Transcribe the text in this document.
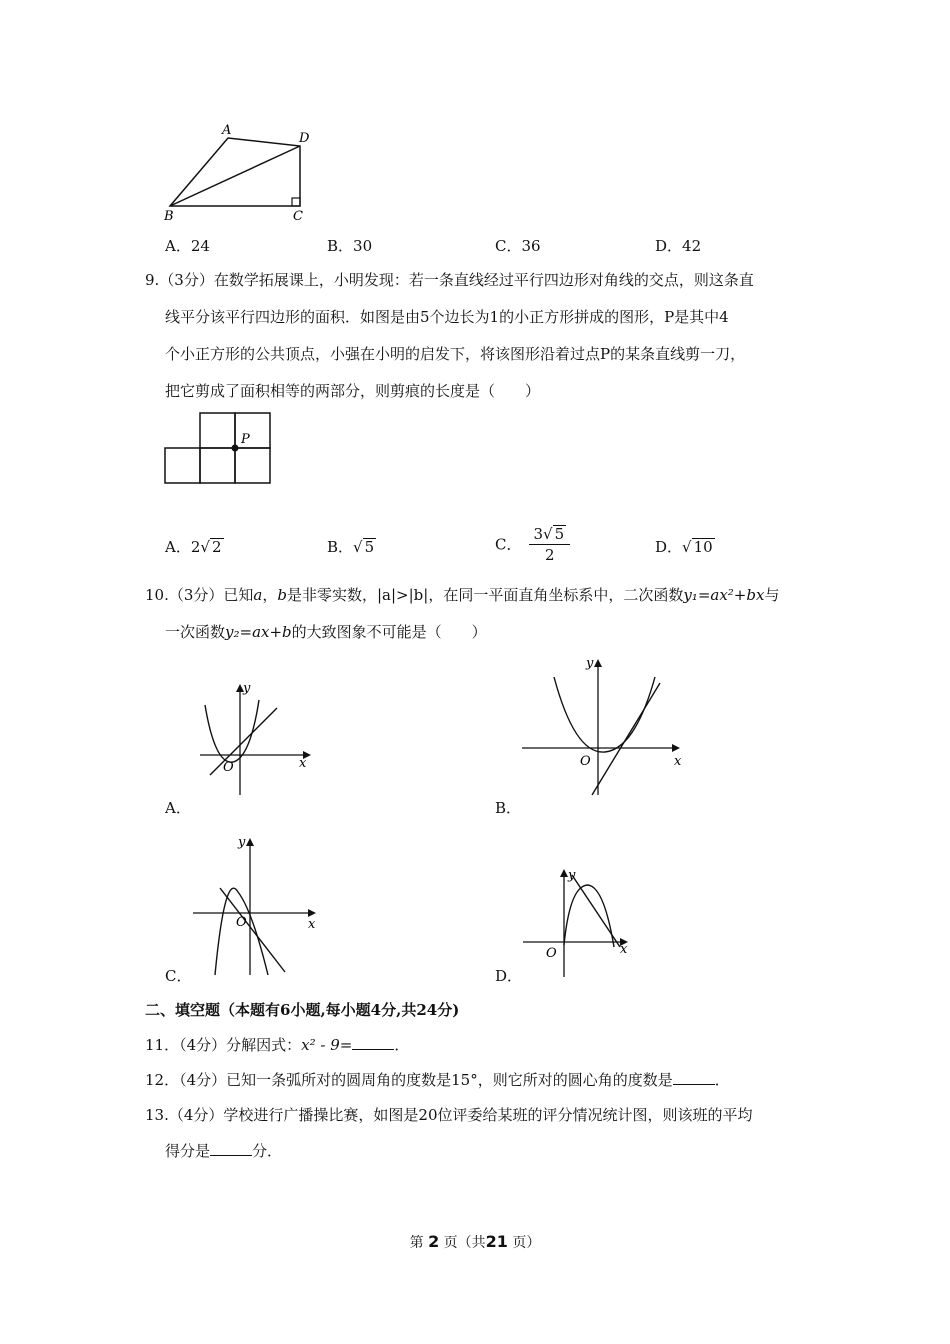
A
D
B	C
A．24	B．30	C．36	D．42
9.（3分）在数学拓展课上，小明发现：若一条直线经过平行四边形对角线的交点，则这条直
线平分该平行四边形的面积．如图是由5个边长为1的小正方形拼成的图形，P是其中4
个小正方形的公共顶点，小强在小明的启发下，将该图形沿着过点P的某条直线剪一刀，
把它剪成了面积相等的两部分，则剪痕的长度是（　　）
P
A．2√ 2	B．√ 5	C． $\frac{3√ 5}{2}$	D．√ 10
10.（3分）已知a，b是非零实数，|a|>|b|，在同一平面直角坐标系中，二次函数y₁=ax²+bx与
一次函数y₂=ax+b的大致图象不可能是（　　）
y
x
O
A．
y
x
O
B．
y
x
O
C．
y
x
O
D．
二、填空题（本题有6小题,每小题4分,共24分)
11．（4分）分解因式：x² - 9=	．
12．（4分）已知一条弧所对的圆周角的度数是15°，则它所对的圆心角的度数是	．
13.（4分）学校进行广播操比赛，如图是20位评委给某班的评分情况统计图，则该班的平均
得分是	分．
第 2 页（共21 页）
